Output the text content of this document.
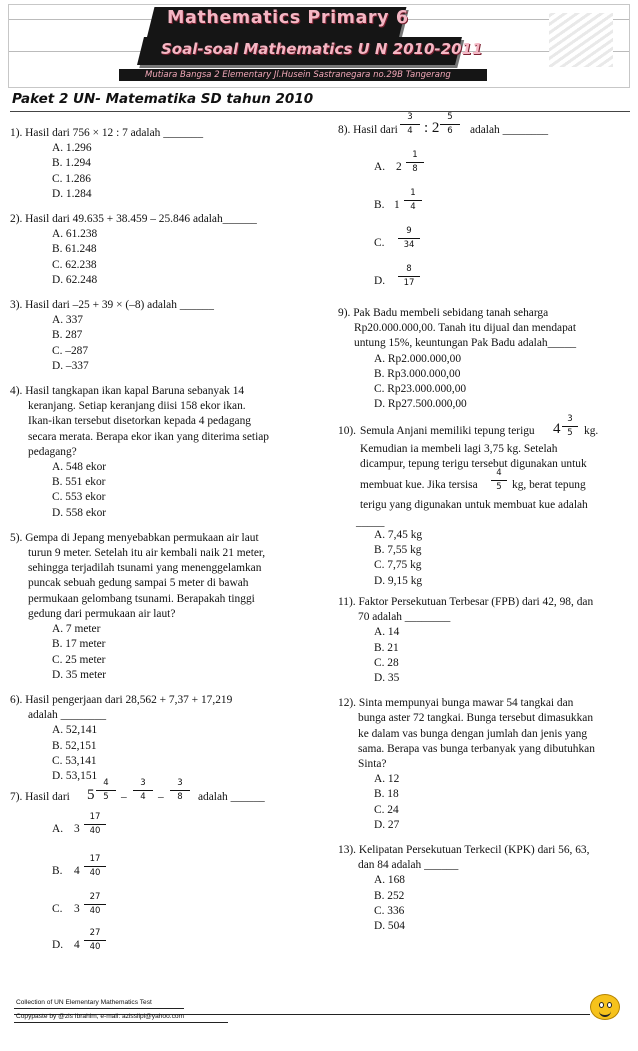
Mathematics Primary 6
Soal-soal Mathematics U N 2010-2011
Mutiara Bangsa 2 Elementary Jl.Husein Sastranegara no.29B Tangerang
Paket 2 UN- Matematika SD tahun 2010
1). Hasil dari 756 × 12 : 7 adalah _______
A. 1.296
B. 1.294
C. 1.286
D. 1.284
2). Hasil dari 49.635 + 38.459 – 25.846 adalah______
A. 61.238
B. 61.248
C. 62.238
D. 62.248
3). Hasil dari –25 + 39 × (–8) adalah ______
A. 337
B. 287
C. –287
D. –337
4). Hasil tangkapan ikan kapal Baruna sebanyak 14
keranjang. Setiap keranjang diisi 158 ekor ikan.
Ikan-ikan tersebut disetorkan kepada 4 pedagang
secara merata. Berapa ekor ikan yang diterima setiap
pedagang?
A. 548 ekor
B. 551 ekor
C. 553 ekor
D. 558 ekor
5). Gempa di Jepang menyebabkan permukaan air laut
turun 9 meter. Setelah itu air kembali naik 21 meter,
sehingga terjadilah tsunami yang menenggelamkan
puncak sebuah gedung sampai 5 meter di bawah
permukaan gelombang tsunami. Berapakah tinggi
gedung dari permukaan air laut?
A. 7 meter
B. 17 meter
C. 25 meter
D. 35 meter
6). Hasil pengerjaan dari 28,562 + 7,37 + 17,219
adalah ________
A. 52,141
B. 52,151
C. 53,141
D. 53,151
7). Hasil dari 5
4
5	–
3
4	–
3
8	adalah ______
A. 3
17
40
B. 4
17
40
C. 3
27
40
D. 4
27
40
8). Hasil dari
3
4 : 2
5
6	adalah ________
A. 2
1
8
B. 1
1
4
C.
9
34
D.
8
17
9). Pak Badu membeli sebidang tanah seharga
Rp20.000.000,00. Tanah itu dijual dan mendapat
untung 15%, keuntungan Pak Badu adalah_____
A. Rp2.000.000,00
B. Rp3.000.000,00
C. Rp23.000.000,00
D. Rp27.500.000,00
10). Semula Anjani memiliki tepung terigu 4
3
5 kg.
Kemudian ia membeli lagi 3,75 kg. Setelah
dicampur, tepung terigu tersebut digunakan untuk
membuat kue. Jika tersisa
4
5 kg, berat tepung
terigu yang digunakan untuk membuat kue adalah
_____
A. 7,45 kg
B. 7,55 kg
C. 7,75 kg
D. 9,15 kg
11). Faktor Persekutuan Terbesar (FPB) dari 42, 98, dan
70 adalah ________
A. 14
B. 21
C. 28
D. 35
12). Sinta mempunyai bunga mawar 54 tangkai dan
bunga aster 72 tangkai. Bunga tersebut dimasukkan
ke dalam vas bunga dengan jumlah dan jenis yang
sama. Berapa vas bunga terbanyak yang dibutuhkan
Sinta?
A. 12
B. 18
C. 24
D. 27
13). Kelipatan Persekutuan Terkecil (KPK) dari 56, 63,
dan 84 adalah ______
A. 168
B. 252
C. 336
D. 504
Collection of UN Elementary Mathematics Test
Copypaste by @zis Ibrahim, e-mail: azisslipi@yahoo.com
